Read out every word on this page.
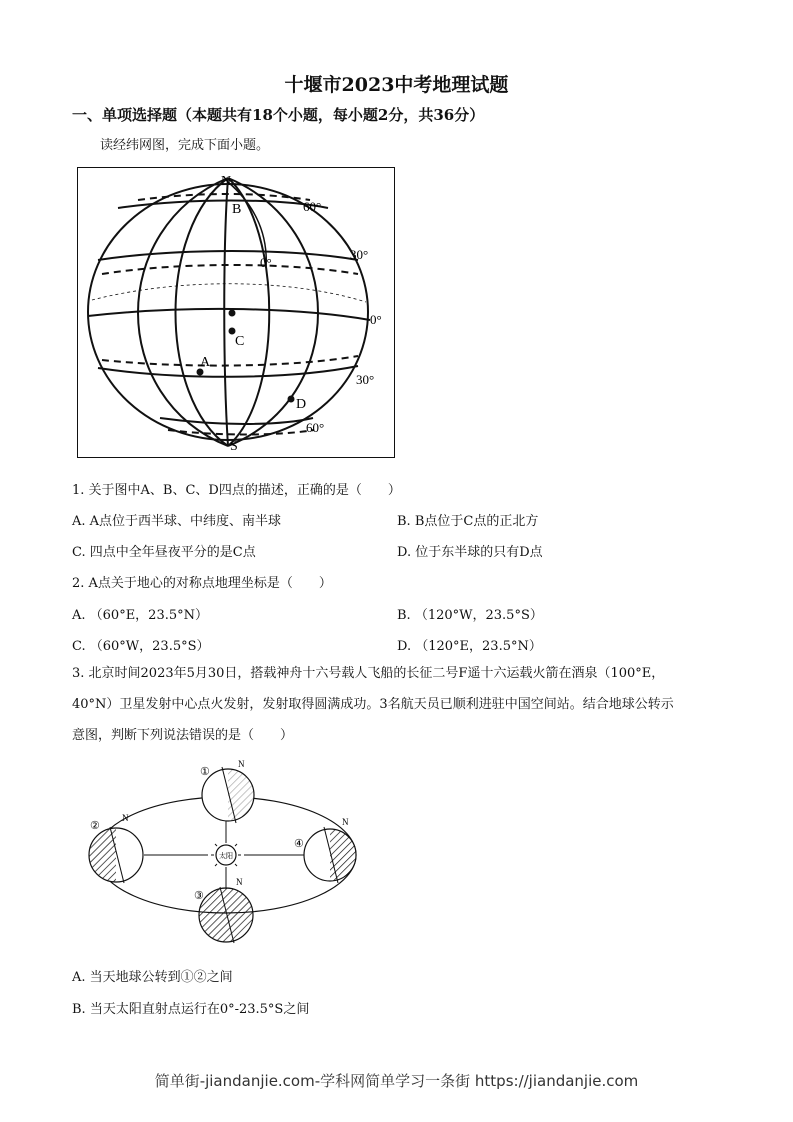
十堰市2023中考地理试题
一、单项选择题（本题共有18个小题，每小题2分，共36分）
读经纬网图，完成下面小题。
N
B
C
A
D
S
60°
30°
0°
30°
60°
0°
1. 关于图中A、B、C、D四点的描述，正确的是（　　）
A. A点位于西半球、中纬度、南半球	B. B点位于C点的正北方
C. 四点中全年昼夜平分的是C点	D. 位于东半球的只有D点
2. A点关于地心的对称点地理坐标是（　　）
A. （60°E，23.5°N）	B. （120°W，23.5°S）
C. （60°W，23.5°S）	D. （120°E，23.5°N）
3. 北京时间2023年5月30日，搭载神舟十六号载人飞船的长征二号F遥十六运载火箭在酒泉（100°E，
40°N）卫星发射中心点火发射，发射取得圆满成功。3名航天员已顺利进驻中国空间站。结合地球公转示
意图，判断下列说法错误的是（　　）
太阳
①
N
②
N
④
N
③
N
A. 当天地球公转到①②之间
B. 当天太阳直射点运行在0°-23.5°S之间
简单街-jiandanjie.com-学科网简单学习一条街 https://jiandanjie.com
